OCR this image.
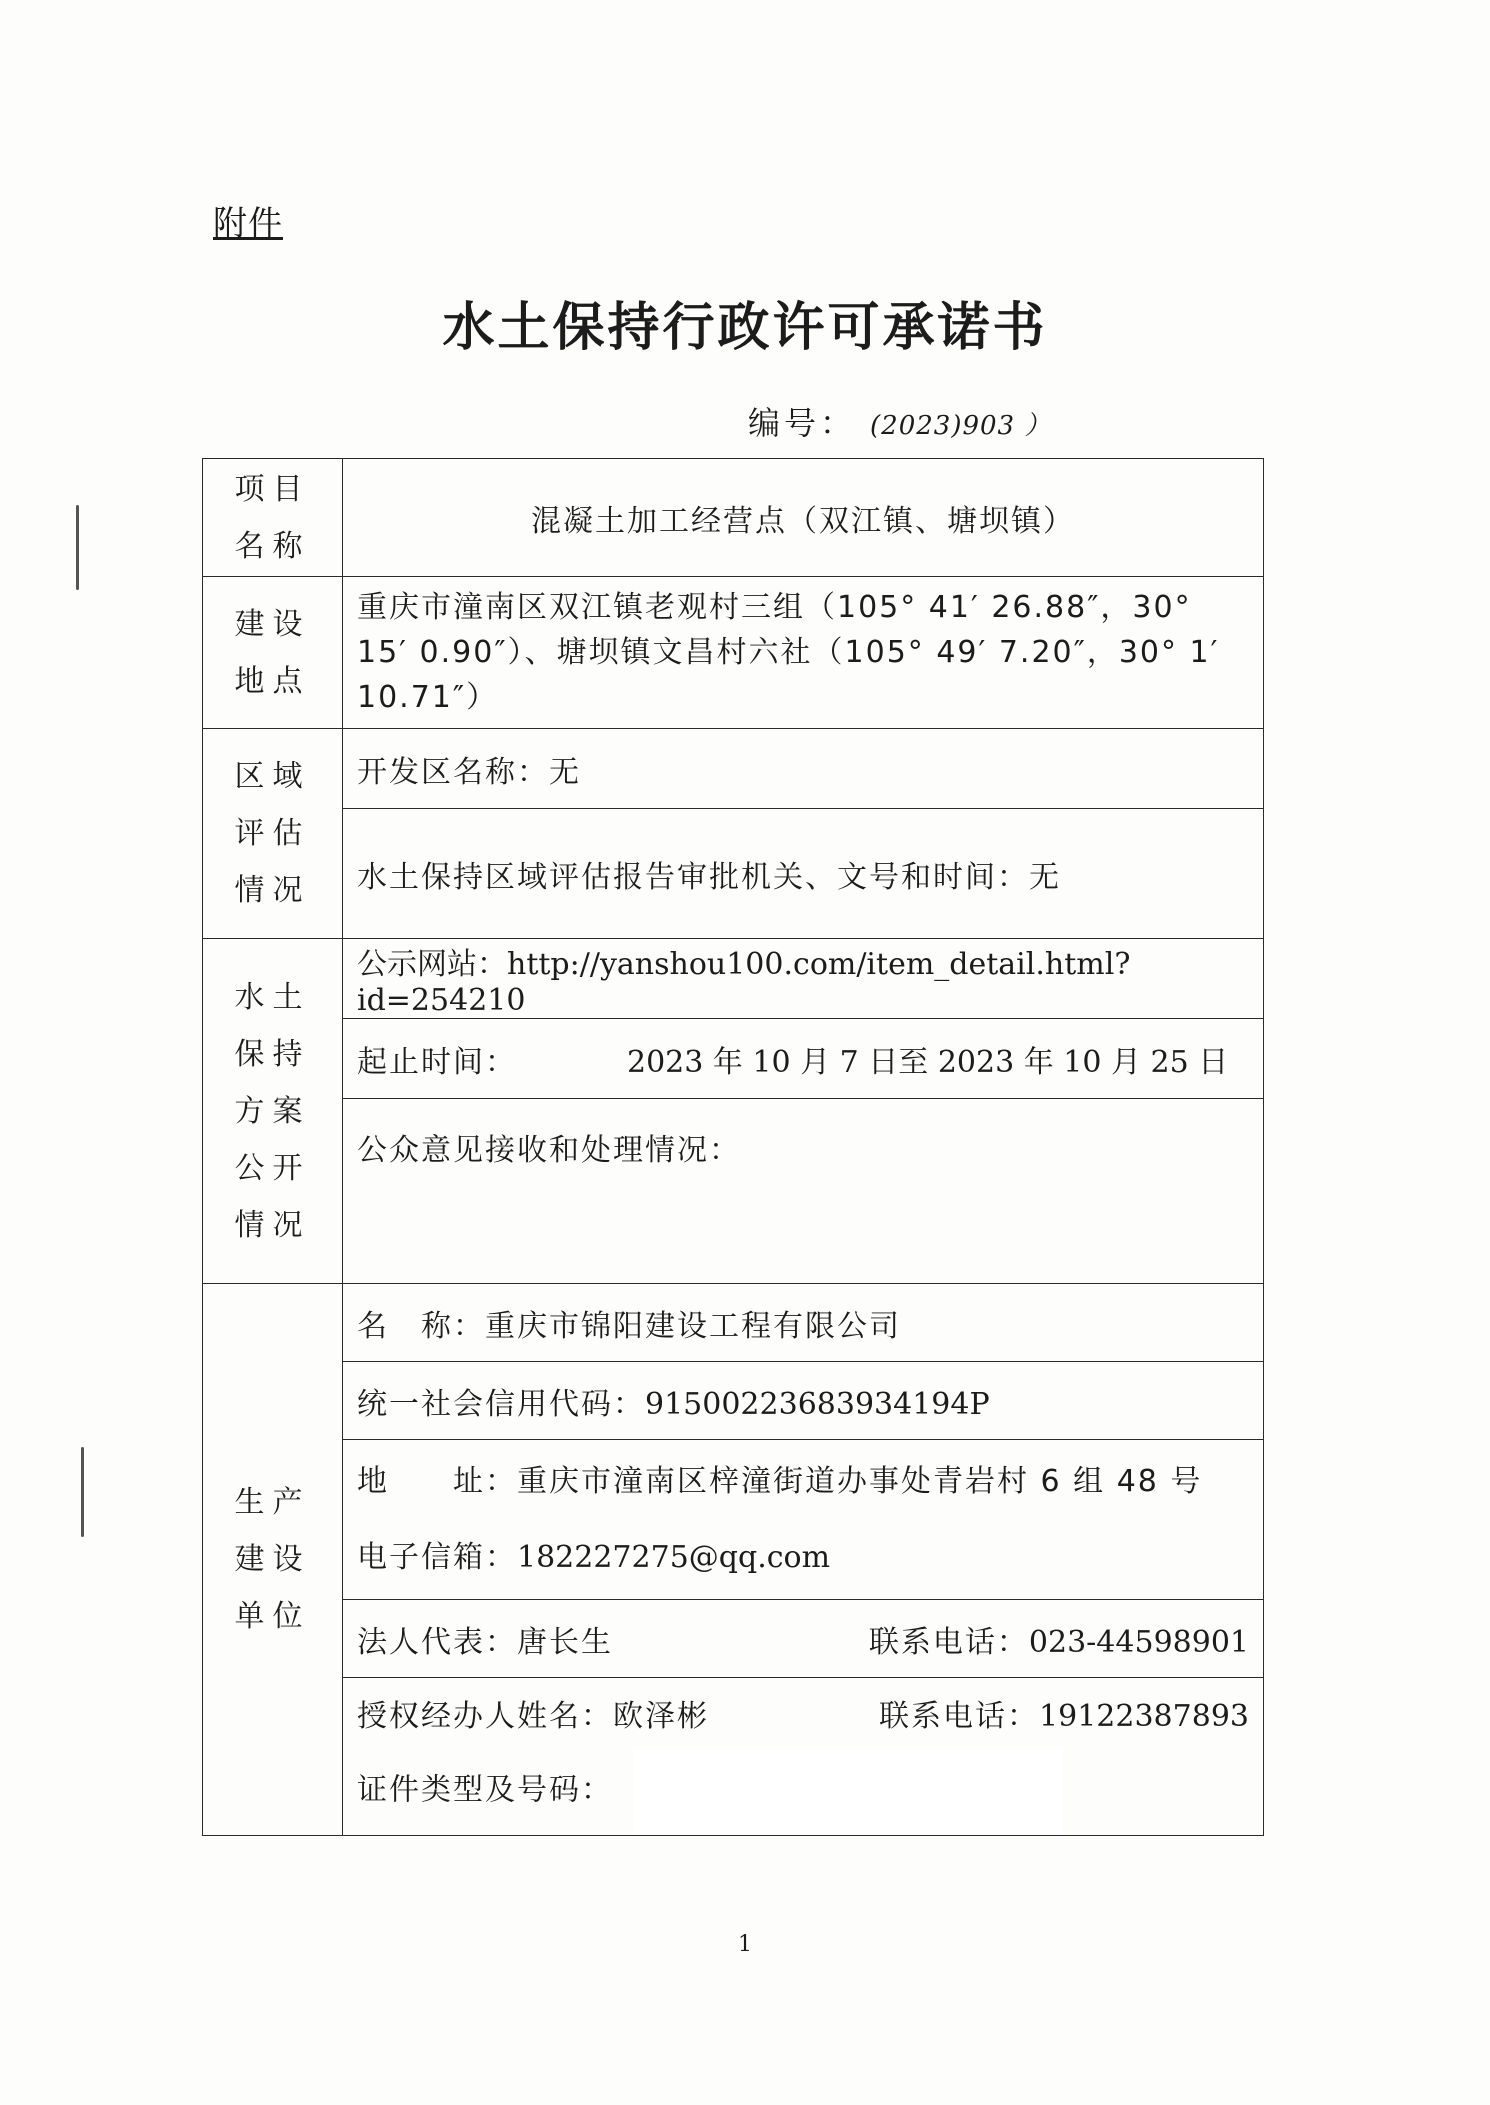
附件
水土保持行政许可承诺书
编号： (2023)903 ）
项目名称	混凝土加工经营点（双江镇、塘坝镇）

建设地点	重庆市潼南区双江镇老观村三组（105° 41′ 26.88″，30° 15′ 0.90″）、塘坝镇文昌村六社（105° 49′ 7.20″，30° 1′ 10.71″）

区域评估情况	开发区名称：无

	水土保持区域评估报告审批机关、文号和时间：无

水土保持方案公开情况	公示网站：http://yanshou100.com/item_detail.html?id=254210

	起止时间： 2023 年 10 月 7 日至 2023 年 10 月 25 日

	公众意见接收和处理情况：

生产建设单位	名　称：重庆市锦阳建设工程有限公司

	统一社会信用代码：91500223683934194P

	地　　址：重庆市潼南区梓潼街道办事处青岩村 6 组 48 号
电子信箱：182227275@qq.com

	法人代表：唐长生 联系电话：023-44598901

	授权经办人姓名：欧泽彬 联系电话：19122387893

	证件类型及号码：
1
